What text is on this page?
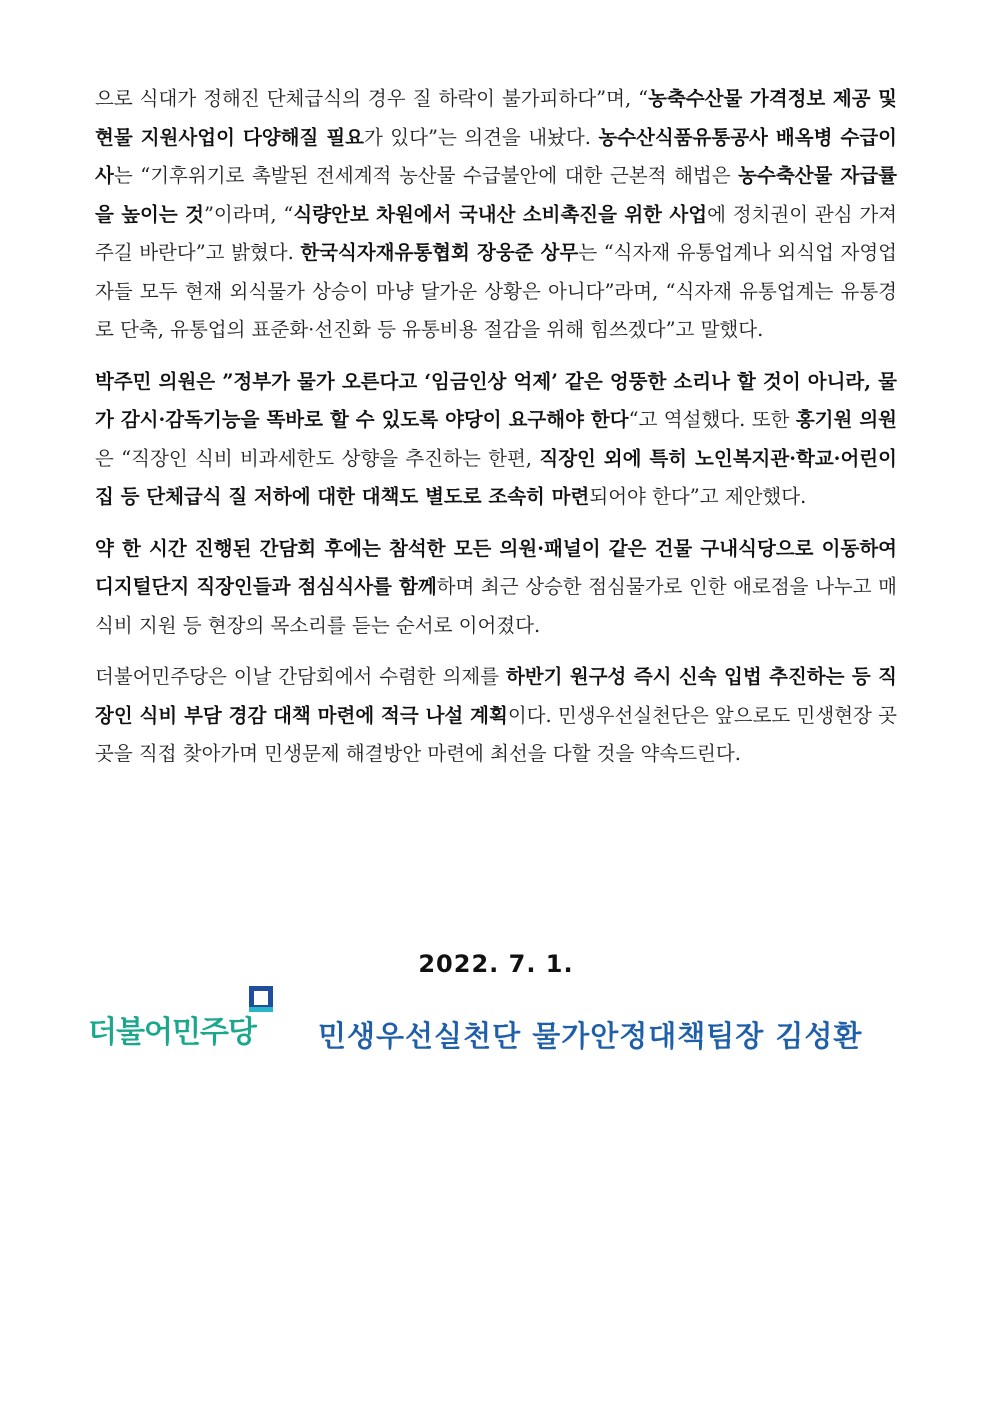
으로 식대가 정해진 단체급식의 경우 질 하락이 불가피하다”며, “농축수산물 가격정보 제공 및 현물 지원사업이 다양해질 필요가 있다”는 의견을 내놨다. 농수산식품유통공사 배옥병 수급이사는 “기후위기로 촉발된 전세계적 농산물 수급불안에 대한 근본적 해법은 농수축산물 자급률을 높이는 것”이라며, “식량안보 차원에서 국내산 소비촉진을 위한 사업에 정치권이 관심 가져주길 바란다”고 밝혔다. 한국식자재유통협회 장웅준 상무는 “식자재 유통업계나 외식업 자영업자들 모두 현재 외식물가 상승이 마냥 달가운 상황은 아니다”라며, “식자재 유통업계는 유통경로 단축, 유통업의 표준화·선진화 등 유통비용 절감을 위해 힘쓰겠다”고 말했다.

박주민 의원은 ”정부가 물가 오른다고 ‘임금인상 억제’ 같은 엉뚱한 소리나 할 것이 아니라, 물가 감시·감독기능을 똑바로 할 수 있도록 야당이 요구해야 한다“고 역설했다. 또한 홍기원 의원은 “직장인 식비 비과세한도 상향을 추진하는 한편, 직장인 외에 특히 노인복지관·학교·어린이집 등 단체급식 질 저하에 대한 대책도 별도로 조속히 마련되어야 한다”고 제안했다.

약 한 시간 진행된 간담회 후에는 참석한 모든 의원·패널이 같은 건물 구내식당으로 이동하여 디지털단지 직장인들과 점심식사를 함께하며 최근 상승한 점심물가로 인한 애로점을 나누고 매식비 지원 등 현장의 목소리를 듣는 순서로 이어졌다.

더불어민주당은 이날 간담회에서 수렴한 의제를 하반기 원구성 즉시 신속 입법 추진하는 등 직장인 식비 부담 경감 대책 마련에 적극 나설 계획이다. 민생우선실천단은 앞으로도 민생현장 곳곳을 직접 찾아가며 민생문제 해결방안 마련에 최선을 다할 것을 약속드린다.

2022. 7. 1.
더불어민주당 민생우선실천단 물가안정대책팀장 김성환
